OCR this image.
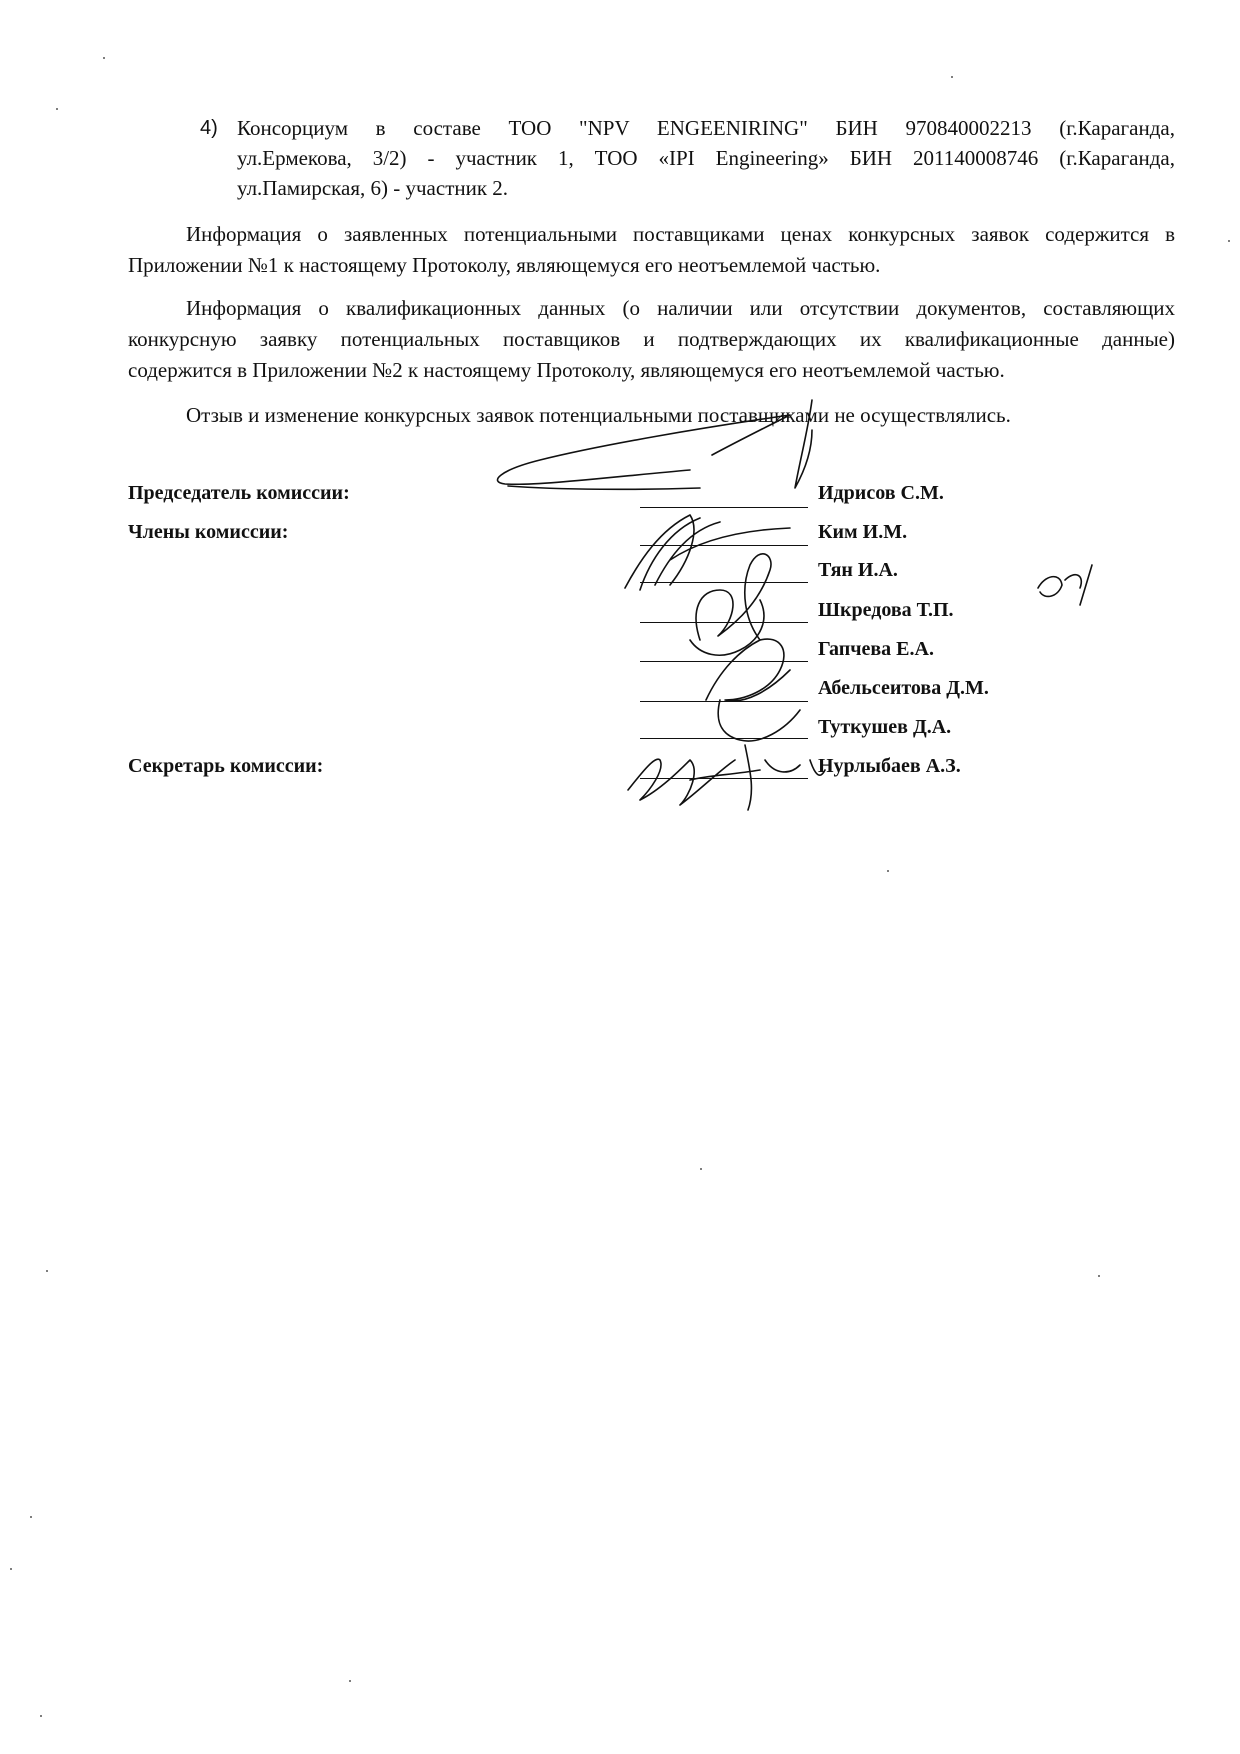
4) Консорциум в составе ТОО "NPV ENGEENIRING" БИН 970840002213 (г.Караганда,
ул.Ермекова, 3/2) - участник 1, ТОО «IPI Engineering» БИН 201140008746 (г.Караганда,
ул.Памирская, 6) - участник 2.
Информация о заявленных потенциальными поставщиками ценах конкурсных заявок содержится в
Приложении №1 к настоящему Протоколу, являющемуся его неотъемлемой частью.
Информация о квалификационных данных (о наличии или отсутствии документов, составляющих
конкурсную заявку потенциальных поставщиков и подтверждающих их квалификационные данные)
содержится в Приложении №2 к настоящему Протоколу, являющемуся его неотъемлемой частью.
Отзыв и изменение конкурсных заявок потенциальными поставщиками не осуществлялись.
Председатель комиссии:
Члены комиссии:
Секретарь комиссии:
Идрисов С.М.
Ким И.М.
Тян И.А.
Шкредова Т.П.
Гапчева Е.А.
Абельсеитова Д.М.
Туткушев Д.А.
Нурлыбаев А.З.
